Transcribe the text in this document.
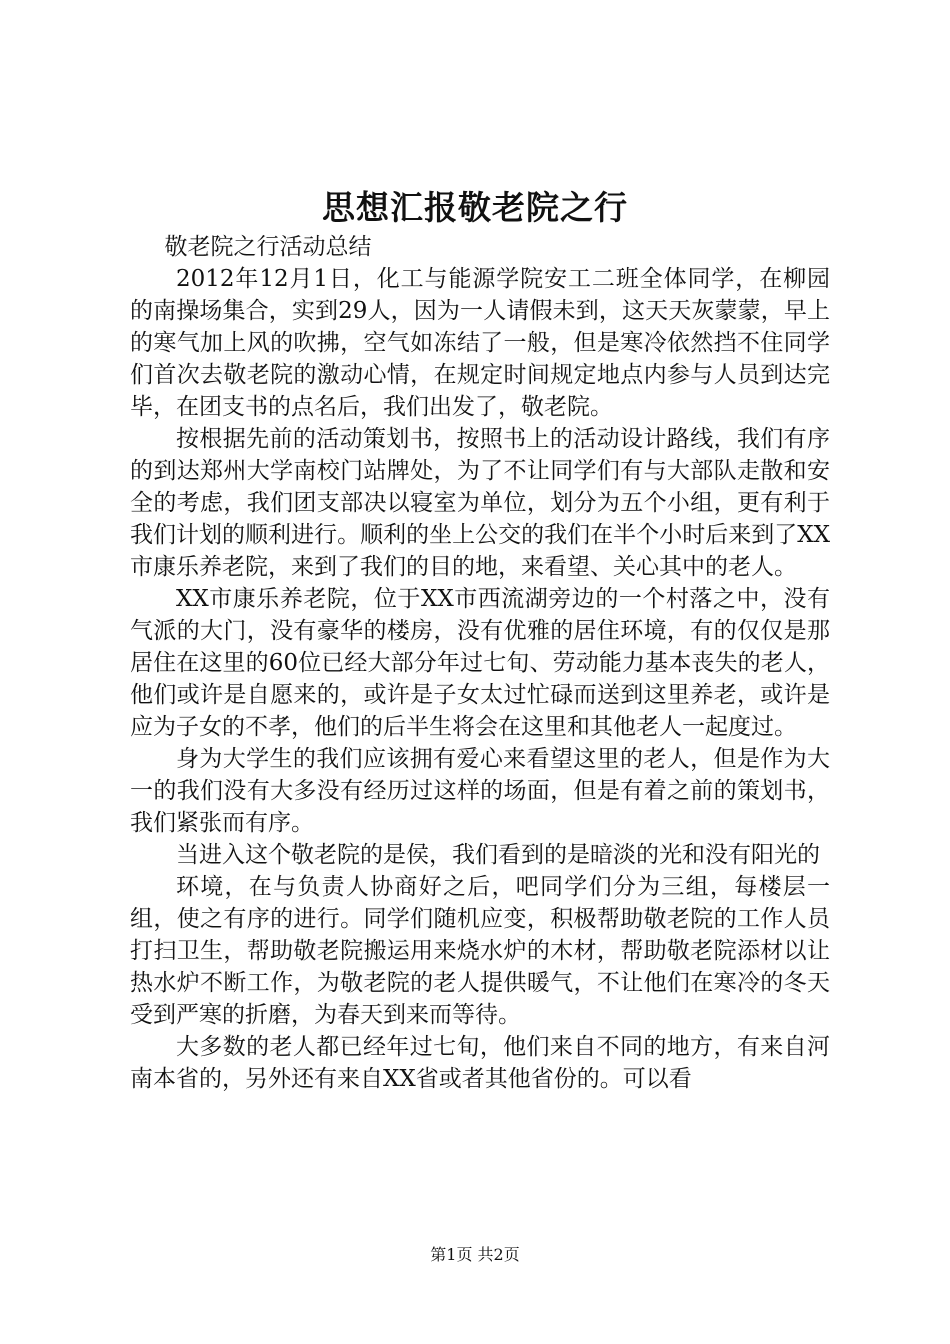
思想汇报敬老院之行

敬老院之行活动总结

2012年12月1日，化工与能源学院安工二班全体同学，在柳园的南操场集合，实到29人，因为一人请假未到，这天天灰蒙蒙，早上的寒气加上风的吹拂，空气如冻结了一般，但是寒冷依然挡不住同学们首次去敬老院的激动心情，在规定时间规定地点内参与人员到达完毕，在团支书的点名后，我们出发了，敬老院。

按根据先前的活动策划书，按照书上的活动设计路线，我们有序的到达郑州大学南校门站牌处，为了不让同学们有与大部队走散和安全的考虑，我们团支部决以寝室为单位，划分为五个小组，更有利于我们计划的顺利进行。顺利的坐上公交的我们在半个小时后来到了XX市康乐养老院，来到了我们的目的地，来看望、关心其中的老人。

XX市康乐养老院，位于XX市西流湖旁边的一个村落之中，没有气派的大门，没有豪华的楼房，没有优雅的居住环境，有的仅仅是那居住在这里的60位已经大部分年过七旬、劳动能力基本丧失的老人，他们或许是自愿来的，或许是子女太过忙碌而送到这里养老，或许是应为子女的不孝，他们的后半生将会在这里和其他老人一起度过。

身为大学生的我们应该拥有爱心来看望这里的老人，但是作为大一的我们没有大多没有经历过这样的场面，但是有着之前的策划书，我们紧张而有序。

当进入这个敬老院的是侯，我们看到的是暗淡的光和没有阳光的

环境，在与负责人协商好之后，吧同学们分为三组，每楼层一组，使之有序的进行。同学们随机应变，积极帮助敬老院的工作人员打扫卫生，帮助敬老院搬运用来烧水炉的木材，帮助敬老院添材以让热水炉不断工作，为敬老院的老人提供暖气，不让他们在寒冷的冬天受到严寒的折磨，为春天到来而等待。

大多数的老人都已经年过七旬，他们来自不同的地方，有来自河南本省的，另外还有来自XX省或者其他省份的。可以看

第1页 共2页
